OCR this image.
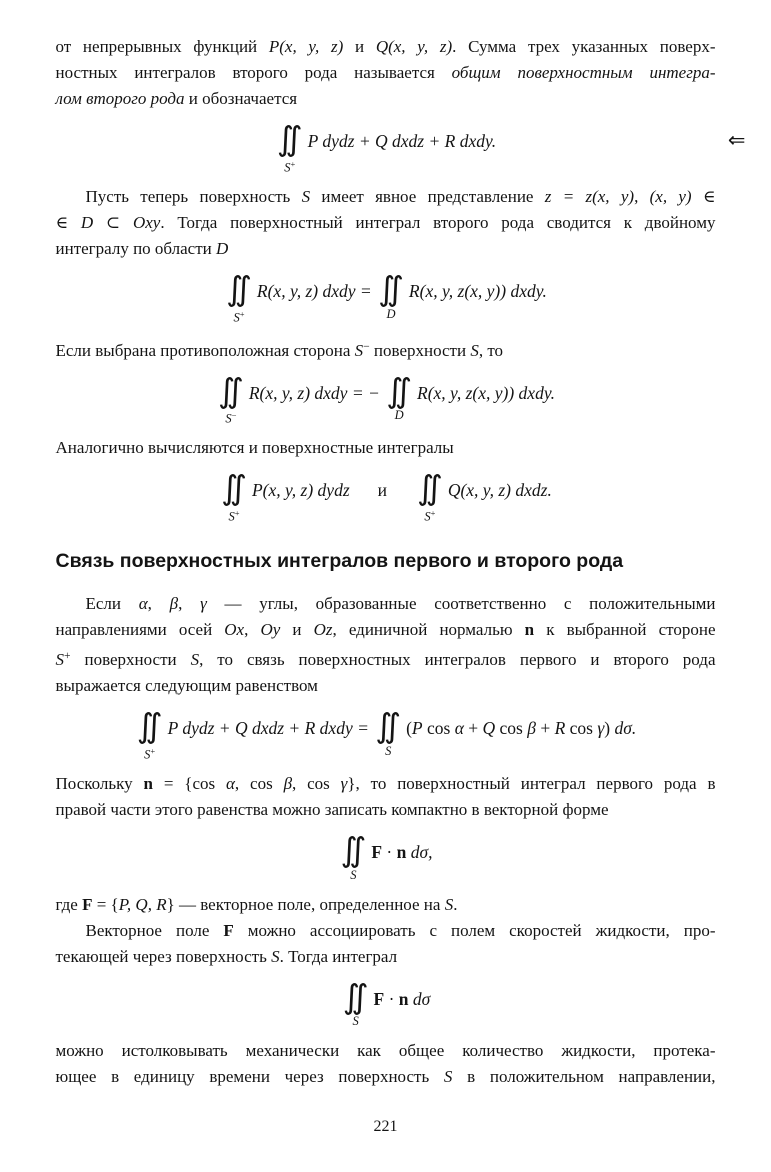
от непрерывных функций P(x, y, z) и Q(x, y, z). Сумма трех указанных поверх-
ностных интегралов второго рода называется общим поверхностным интегра-
лом второго рода и обозначается
∫∫
S+
P dydz + Q dxdz + R dxdy.	⇐
Пусть теперь поверхность S имеет явное представление z = z(x, y), (x, y) ∈
∈ D ⊂ Oxy. Тогда поверхностный интеграл второго рода сводится к двойному
интегралу по области D
∫∫
S+
R(x, y, z) dxdy = ∫∫
D
R(x, y, z(x, y)) dxdy.
Если выбрана противоположная сторона S− поверхности S, то
∫∫
S−
R(x, y, z) dxdy = − ∫∫
D
R(x, y, z(x, y)) dxdy.
Аналогично вычисляются и поверхностные интегралы
∫∫
S+
P(x, y, z) dydz и ∫∫
S+
Q(x, y, z) dxdz.
Связь поверхностных интегралов первого и второго рода
Если α, β, γ — углы, образованные соответственно с положительными
направлениями осей Ox, Oy и Oz, единичной нормалью n к выбранной стороне
S+ поверхности S, то связь поверхностных интегралов первого и второго рода
выражается следующим равенством
∫∫
S+
P dydz + Q dxdz + R dxdy = ∫∫
S
(P cos α + Q cos β + R cos γ) dσ.
Поскольку n = {cos α, cos β, cos γ}, то поверхностный интеграл первого рода в
правой части этого равенства можно записать компактно в векторной форме
∫∫
S
F · n dσ,
где F = {P, Q, R} — векторное поле, определенное на S.
Векторное поле F можно ассоциировать с полем скоростей жидкости, про-
текающей через поверхность S. Тогда интеграл
∫∫
S
F · n dσ
можно истолковывать механически как общее количество жидкости, протека-
ющее в единицу времени через поверхность S в положительном направлении,
221
